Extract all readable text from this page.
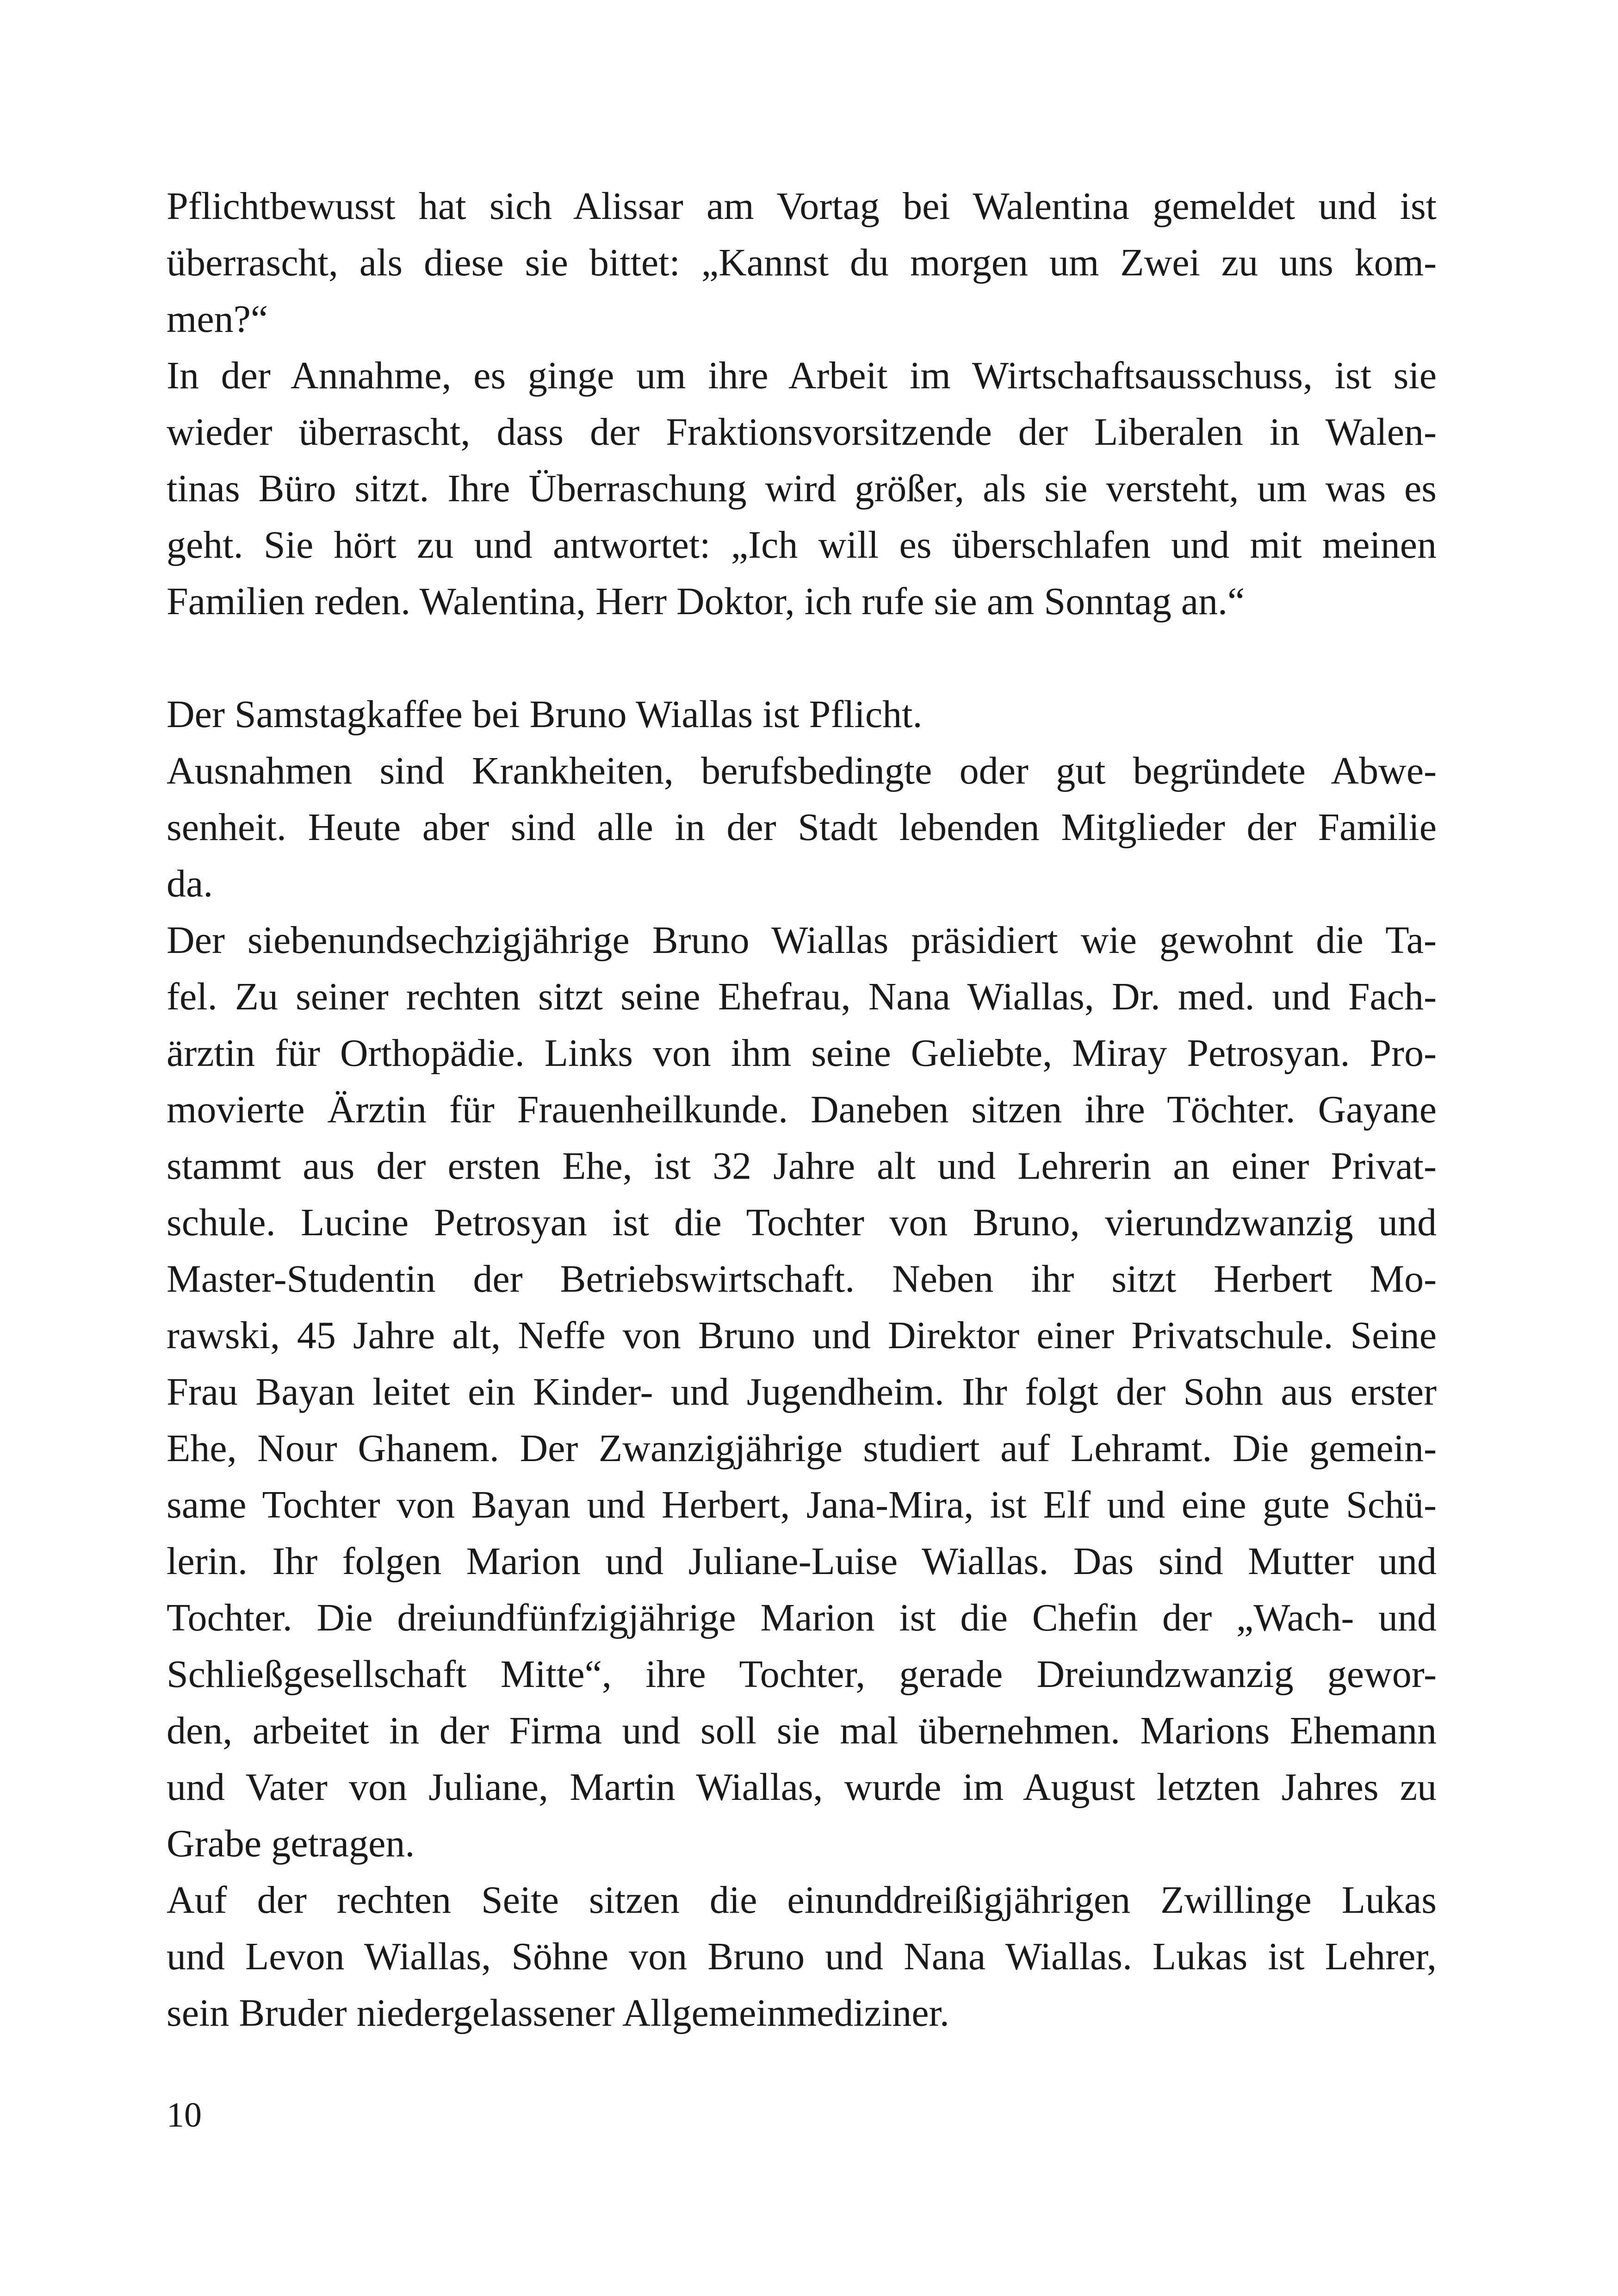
Pflichtbewusst hat sich Alissar am Vortag bei Walentina gemeldet und ist
überrascht, als diese sie bittet: „Kannst du morgen um Zwei zu uns kom-
men?“
In der Annahme, es ginge um ihre Arbeit im Wirtschaftsausschuss, ist sie
wieder überrascht, dass der Fraktionsvorsitzende der Liberalen in Walen-
tinas Büro sitzt. Ihre Überraschung wird größer, als sie versteht, um was es
geht. Sie hört zu und antwortet: „Ich will es überschlafen und mit meinen
Familien reden. Walentina, Herr Doktor, ich rufe sie am Sonntag an.“
Der Samstagkaffee bei Bruno Wiallas ist Pflicht.
Ausnahmen sind Krankheiten, berufsbedingte oder gut begründete Abwe-
senheit. Heute aber sind alle in der Stadt lebenden Mitglieder der Familie
da.
Der siebenundsechzigjährige Bruno Wiallas präsidiert wie gewohnt die Ta-
fel. Zu seiner rechten sitzt seine Ehefrau, Nana Wiallas, Dr. med. und Fach-
ärztin für Orthopädie. Links von ihm seine Geliebte, Miray Petrosyan. Pro-
movierte Ärztin für Frauenheilkunde. Daneben sitzen ihre Töchter. Gayane
stammt aus der ersten Ehe, ist 32 Jahre alt und Lehrerin an einer Privat-
schule. Lucine Petrosyan ist die Tochter von Bruno, vierundzwanzig und
Master-Studentin der Betriebswirtschaft. Neben ihr sitzt Herbert Mo-
rawski, 45 Jahre alt, Neffe von Bruno und Direktor einer Privatschule. Seine
Frau Bayan leitet ein Kinder- und Jugendheim. Ihr folgt der Sohn aus erster
Ehe, Nour Ghanem. Der Zwanzigjährige studiert auf Lehramt. Die gemein-
same Tochter von Bayan und Herbert, Jana-Mira, ist Elf und eine gute Schü-
lerin. Ihr folgen Marion und Juliane-Luise Wiallas. Das sind Mutter und
Tochter. Die dreiundfünfzigjährige Marion ist die Chefin der „Wach- und
Schließgesellschaft Mitte“, ihre Tochter, gerade Dreiundzwanzig gewor-
den, arbeitet in der Firma und soll sie mal übernehmen. Marions Ehemann
und Vater von Juliane, Martin Wiallas, wurde im August letzten Jahres zu
Grabe getragen.
Auf der rechten Seite sitzen die einunddreißigjährigen Zwillinge Lukas
und Levon Wiallas, Söhne von Bruno und Nana Wiallas. Lukas ist Lehrer,
sein Bruder niedergelassener Allgemeinmediziner.
10
